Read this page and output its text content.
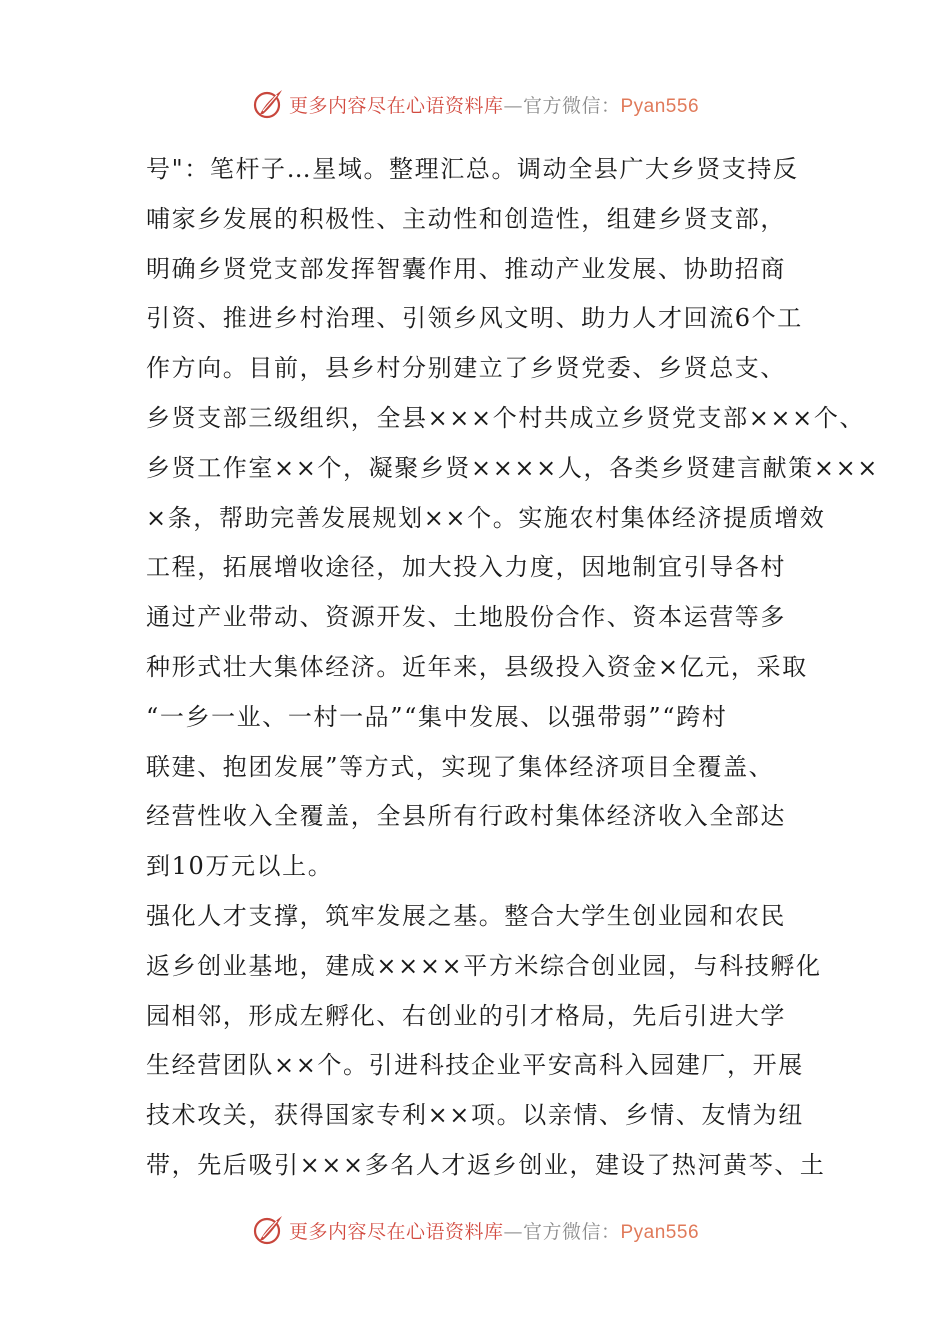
更多内容尽在心语资料库—官方微信：Pyan556
号"：笔杆子…星域。整理汇总。调动全县广大乡贤支持反
哺家乡发展的积极性、主动性和创造性，组建乡贤支部，
明确乡贤党支部发挥智囊作用、推动产业发展、协助招商
引资、推进乡村治理、引领乡风文明、助力人才回流6个工
作方向。目前，县乡村分别建立了乡贤党委、乡贤总支、
乡贤支部三级组织，全县×××个村共成立乡贤党支部×××个、
乡贤工作室××个，凝聚乡贤××××人，各类乡贤建言献策×××
×条，帮助完善发展规划××个。实施农村集体经济提质增效
工程，拓展增收途径，加大投入力度，因地制宜引导各村
通过产业带动、资源开发、土地股份合作、资本运营等多
种形式壮大集体经济。近年来，县级投入资金×亿元，采取
“一乡一业、一村一品”“集中发展、以强带弱”“跨村
联建、抱团发展”等方式，实现了集体经济项目全覆盖、
经营性收入全覆盖，全县所有行政村集体经济收入全部达
到10万元以上。
强化人才支撑，筑牢发展之基。整合大学生创业园和农民
返乡创业基地，建成××××平方米综合创业园，与科技孵化
园相邻，形成左孵化、右创业的引才格局，先后引进大学
生经营团队××个。引进科技企业平安高科入园建厂，开展
技术攻关，获得国家专利××项。以亲情、乡情、友情为纽
带，先后吸引×××多名人才返乡创业，建设了热河黄芩、土
更多内容尽在心语资料库—官方微信：Pyan556
